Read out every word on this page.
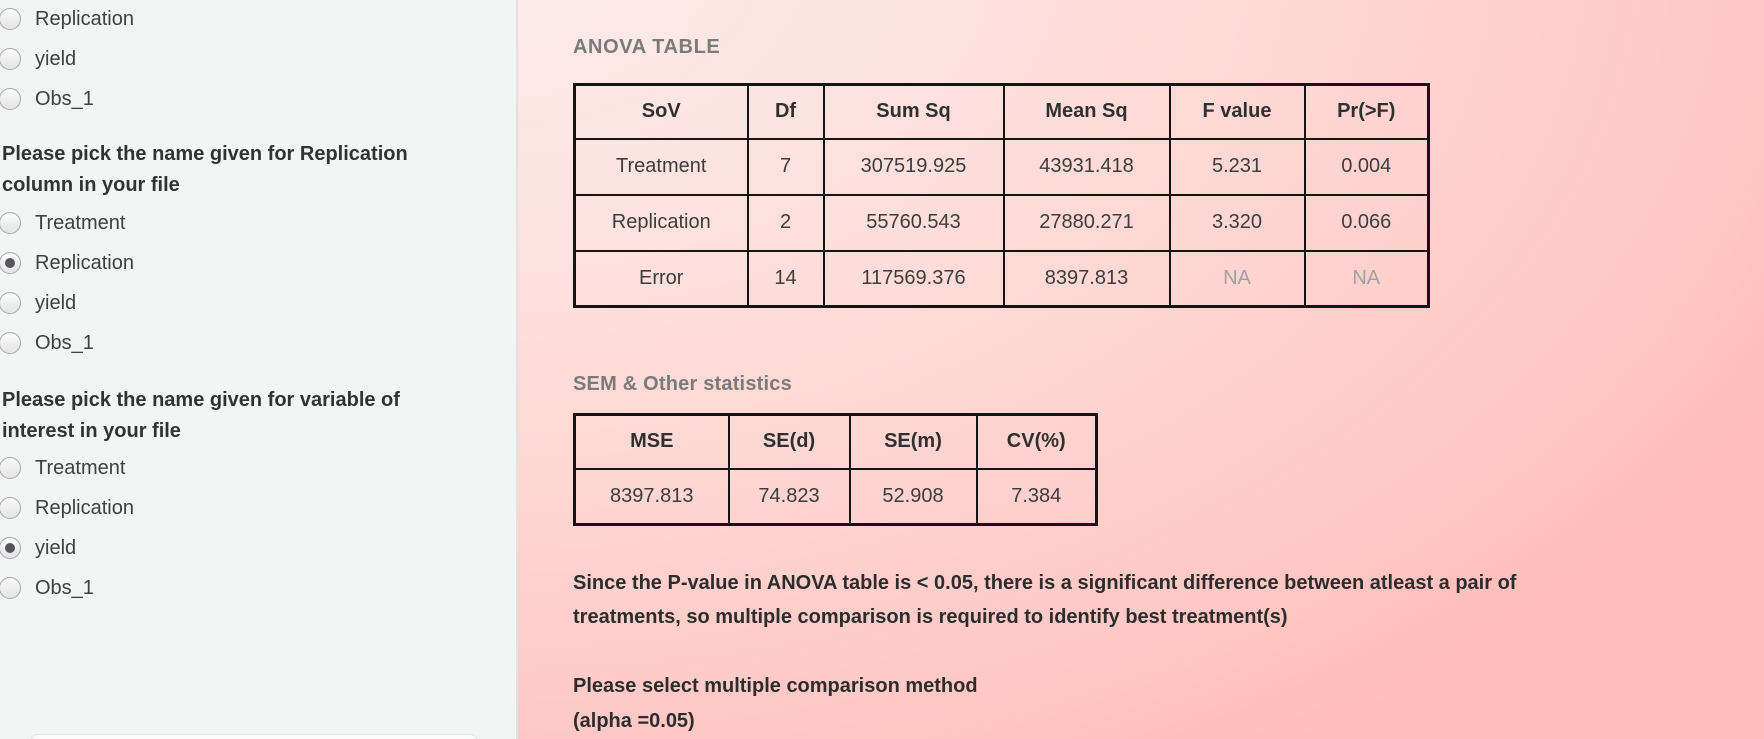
Replication
yield
Obs_1
Please pick the name given for Replication column in your file
Treatment
Replication
yield
Obs_1
Please pick the name given for variable of interest in your file
Treatment
Replication
yield
Obs_1
ANOVA TABLE
SoV	Df	Sum Sq	Mean Sq	F value	Pr(>F)
Treatment	7	307519.925	43931.418	5.231	0.004
Replication	2	55760.543	27880.271	3.320	0.066
Error	14	117569.376	8397.813	NA	NA
SEM & Other statistics
MSE	SE(d)	SE(m)	CV(%)
8397.813	74.823	52.908	7.384
Since the P-value in ANOVA table is < 0.05, there is a significant difference between atleast a pair of treatments, so multiple comparison is required to identify best treatment(s)
Please select multiple comparison method
(alpha =0.05)
